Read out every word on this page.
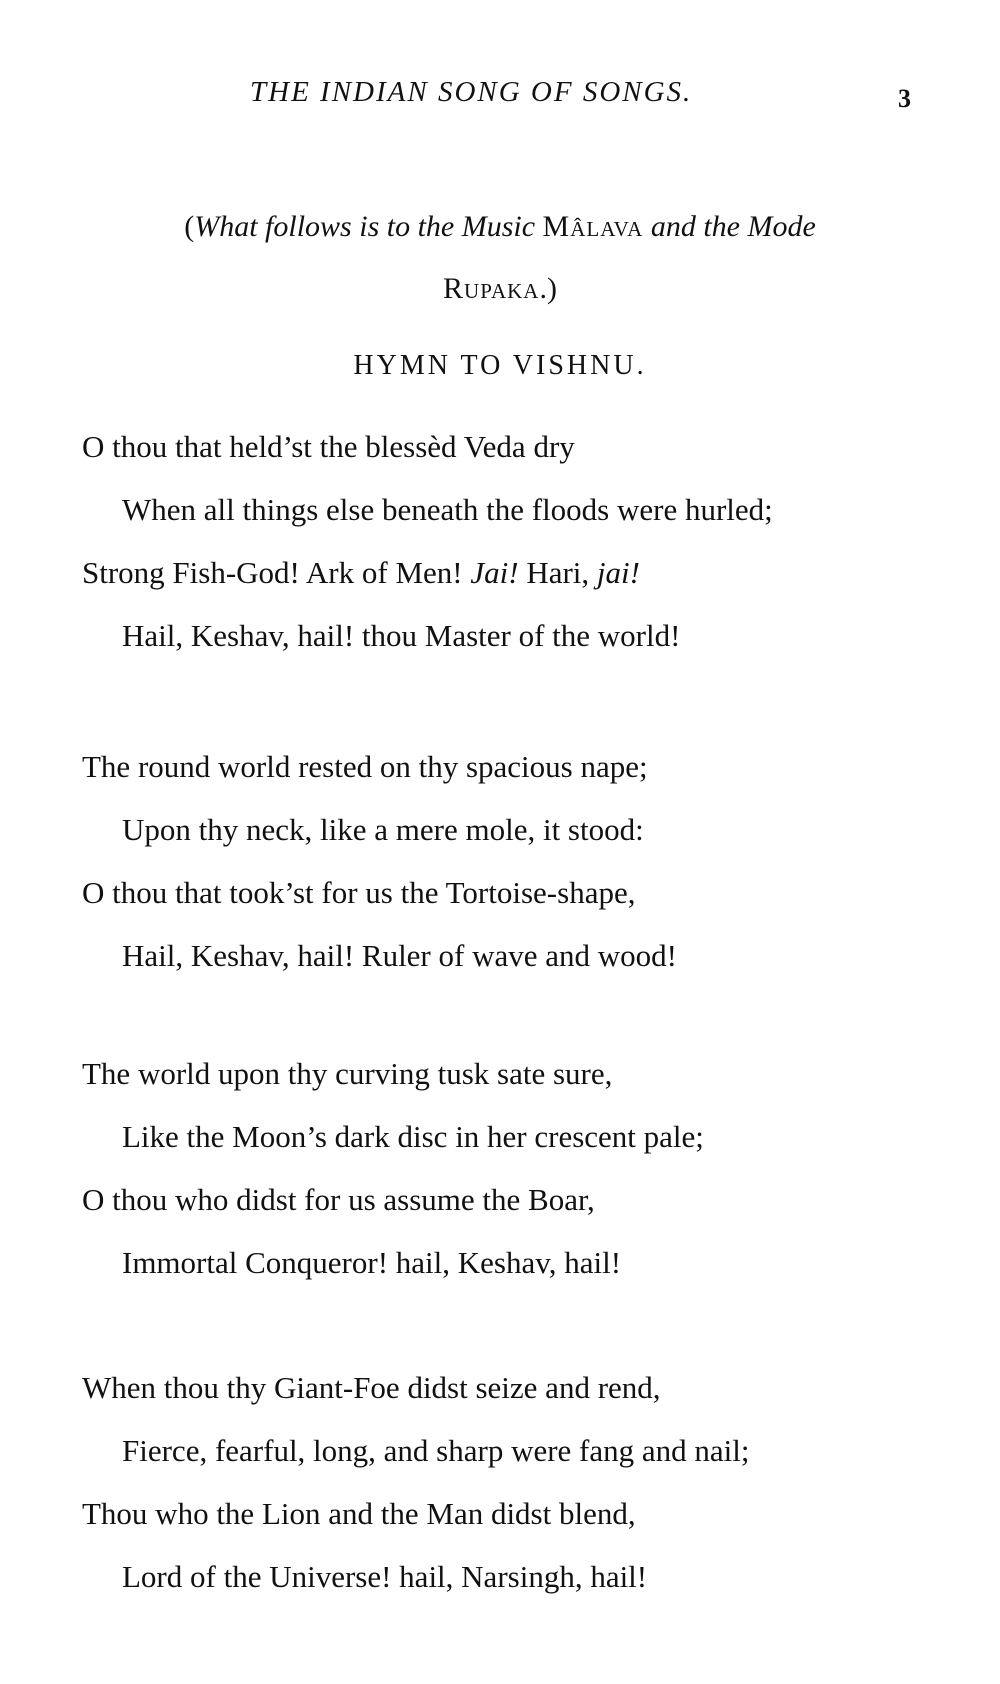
THE INDIAN SONG OF SONGS.	3
(What follows is to the Music Mâlava and the Mode
Rupaka.)
HYMN TO VISHNU.
O thou that held’st the blessèd Veda dry
When all things else beneath the floods were hurled;
Strong Fish-God! Ark of Men! Jai! Hari, jai!
Hail, Keshav, hail! thou Master of the world!
The round world rested on thy spacious nape;
Upon thy neck, like a mere mole, it stood:
O thou that took’st for us the Tortoise-shape,
Hail, Keshav, hail! Ruler of wave and wood!
The world upon thy curving tusk sate sure,
Like the Moon’s dark disc in her crescent pale;
O thou who didst for us assume the Boar,
Immortal Conqueror! hail, Keshav, hail!
When thou thy Giant-Foe didst seize and rend,
Fierce, fearful, long, and sharp were fang and nail;
Thou who the Lion and the Man didst blend,
Lord of the Universe! hail, Narsingh, hail!
